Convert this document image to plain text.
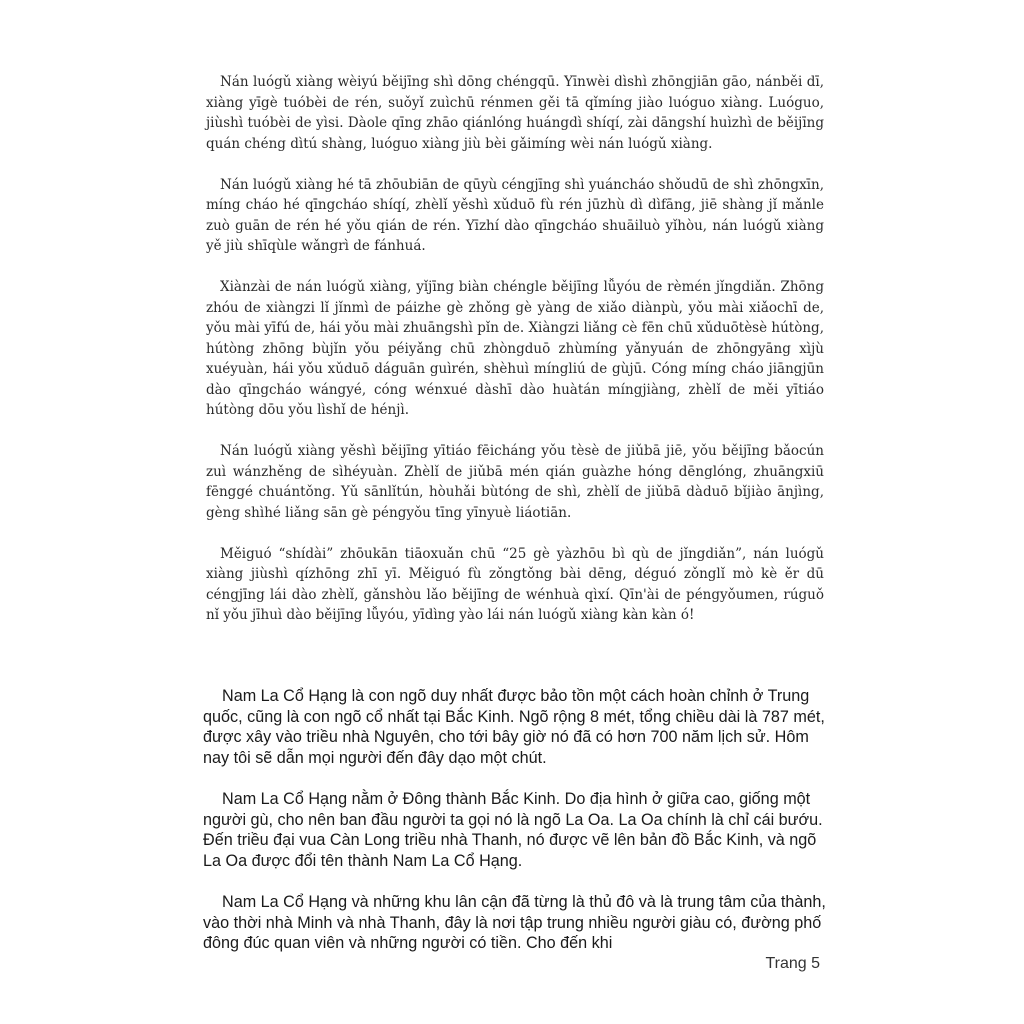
Nán luógǔ xiàng wèiyú běijīng shì dōng chéngqū. Yīnwèi dìshì zhōngjiān gāo, nánběi dī, xiàng yīgè tuóbèi de rén, suǒyǐ zuìchū rénmen gěi tā qǐmíng jiào luóguo xiàng. Luóguo, jiùshì tuóbèi de yìsi. Dàole qīng zhāo qiánlóng huángdì shíqí, zài dāngshí huìzhì de běijīng quán chéng dìtú shàng, luóguo xiàng jiù bèi gǎimíng wèi nán luógǔ xiàng.

Nán luógǔ xiàng hé tā zhōubiān de qūyù céngjīng shì yuáncháo shǒudū de shì zhōngxīn, míng cháo hé qīngcháo shíqí, zhèlǐ yěshì xǔduō fù rén jūzhù dì dìfāng, jiē shàng jǐ mǎnle zuò guān de rén hé yǒu qián de rén. Yīzhí dào qīngcháo shuāiluò yǐhòu, nán luógǔ xiàng yě jiù shīqùle wǎngrì de fánhuá.

Xiànzài de nán luógǔ xiàng, yǐjīng biàn chéngle běijīng lǚyóu de rèmén jǐngdiǎn. Zhōng zhóu de xiàngzi lǐ jǐnmì de páizhe gè zhǒng gè yàng de xiǎo diànpù, yǒu mài xiǎochī de, yǒu mài yīfú de, hái yǒu mài zhuāngshì pǐn de. Xiàngzi liǎng cè fēn chū xǔduōtèsè hútòng, hútòng zhōng bùjǐn yǒu péiyǎng chū zhòngduō zhùmíng yǎnyuán de zhōngyāng xìjù xuéyuàn, hái yǒu xǔduō dáguān guìrén, shèhuì míngliú de gùjū. Cóng míng cháo jiāngjūn dào qīngcháo wángyé, cóng wénxué dàshī dào huàtán míngjiàng, zhèlǐ de měi yītiáo hútòng dōu yǒu lìshǐ de hénjì.

Nán luógǔ xiàng yěshì běijīng yītiáo fēicháng yǒu tèsè de jiǔbā jiē, yǒu běijīng bǎocún zuì wánzhěng de sìhéyuàn. Zhèlǐ de jiǔbā mén qián guàzhe hóng dēnglóng, zhuāngxiū fēnggé chuántǒng. Yǔ sānlǐtún, hòuhǎi bùtóng de shì, zhèlǐ de jiǔbā dàduō bǐjiào ānjìng, gèng shìhé liǎng sān gè péngyǒu tīng yīnyuè liáotiān.

Měiguó “shídài” zhōukān tiāoxuǎn chū “25 gè yàzhōu bì qù de jǐngdiǎn”, nán luógǔ xiàng jiùshì qízhōng zhī yī. Měiguó fù zǒngtǒng bài dēng, déguó zǒnglǐ mò kè ěr dū céngjīng lái dào zhèlǐ, gǎnshòu lǎo běijīng de wénhuà qìxí. Qīn'ài de péngyǒumen, rúguǒ nǐ yǒu jīhuì dào běijīng lǚyóu, yīdìng yào lái nán luógǔ xiàng kàn kàn ó!

Nam La Cổ Hạng là con ngõ duy nhất được bảo tồn một cách hoàn chỉnh ở Trung quốc, cũng là con ngõ cổ nhất tại Bắc Kinh. Ngõ rộng 8 mét, tổng chiều dài là 787 mét, được xây vào triều nhà Nguyên, cho tới bây giờ nó đã có hơn 700 năm lịch sử. Hôm nay tôi sẽ dẫn mọi người đến đây dạo một chút.

Nam La Cổ Hạng nằm ở Đông thành Bắc Kinh. Do địa hình ở giữa cao, giống một người gù, cho nên ban đầu người ta gọi nó là ngõ La Oa. La Oa chính là chỉ cái bướu. Đến triều đại vua Càn Long triều nhà Thanh, nó được vẽ lên bản đồ Bắc Kinh, và ngõ La Oa được đổi tên thành Nam La Cổ Hạng.

Nam La Cổ Hạng và những khu lân cận đã từng là thủ đô và là trung tâm của thành, vào thời nhà Minh và nhà Thanh, đây là nơi tập trung nhiều người giàu có, đường phố đông đúc quan viên và những người có tiền. Cho đến khi

Trang 5
